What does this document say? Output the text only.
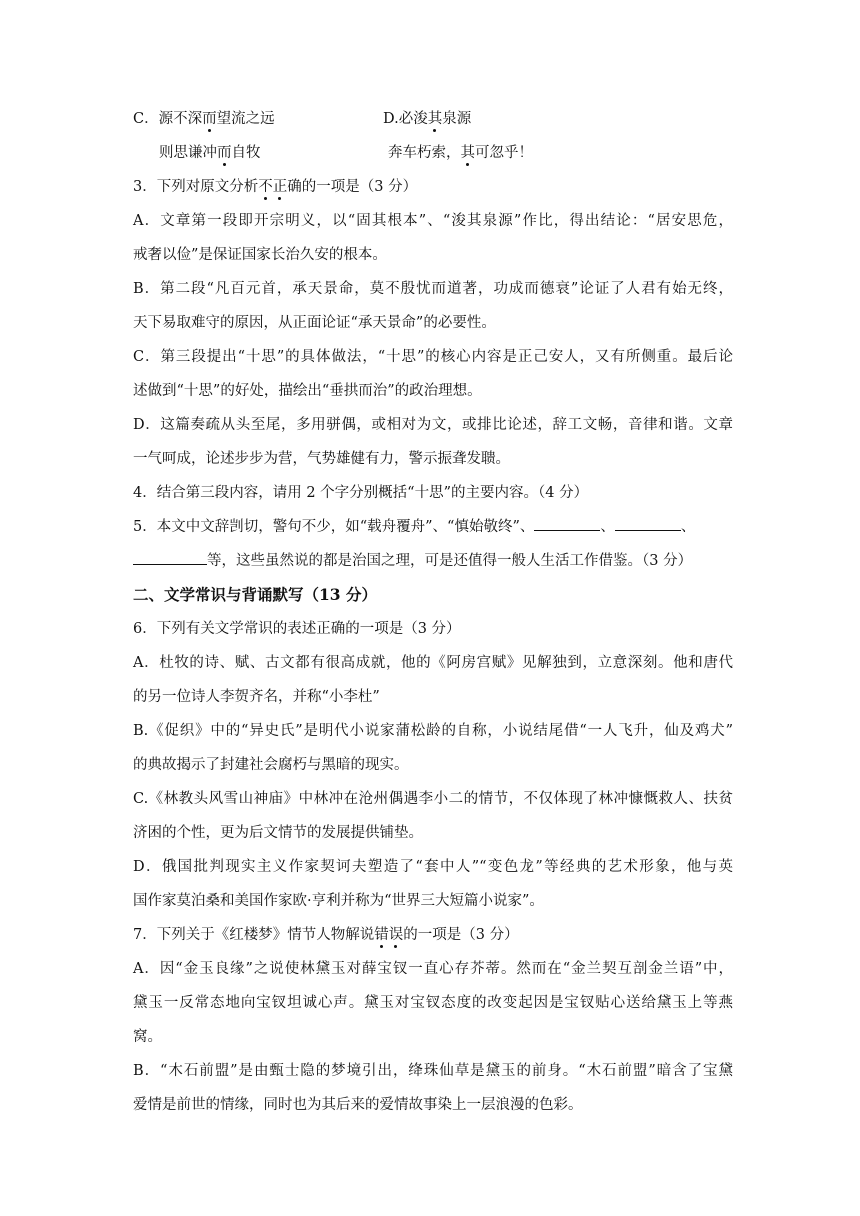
C．源不深而望流之远	D.必浚其泉源
则思谦冲而自牧	奔车朽索，其可忽乎！
3．下列对原文分析不正确的一项是（3 分）
A．文章第一段即开宗明义，以“固其根本”、“浚其泉源”作比，得出结论：“居安思危，
戒奢以俭”是保证国家长治久安的根本。
B．第二段“凡百元首，承天景命，莫不殷忧而道著，功成而德衰”论证了人君有始无终，
天下易取难守的原因，从正面论证“承天景命”的必要性。
C．第三段提出“十思”的具体做法，“十思”的核心内容是正己安人，又有所侧重。最后论
述做到“十思”的好处，描绘出“垂拱而治”的政治理想。
D．这篇奏疏从头至尾，多用骈偶，或相对为文，或排比论述，辞工文畅，音律和谐。文章
一气呵成，论述步步为营，气势雄健有力，警示振聋发聩。
4．结合第三段内容，请用 2 个字分别概括“十思”的主要内容。（4 分）
5．本文中文辞剀切，警句不少，如“载舟覆舟”、“慎始敬终”、	、	、
等，这些虽然说的都是治国之理，可是还值得一般人生活工作借鉴。（3 分）
二、文学常识与背诵默写（13 分）
6．下列有关文学常识的表述正确的一项是（3 分）
A．杜牧的诗、赋、古文都有很高成就，他的《阿房宫赋》见解独到，立意深刻。他和唐代
的另一位诗人李贺齐名，并称“小李杜”
B.《促织》中的“异史氏”是明代小说家蒲松龄的自称，小说结尾借“一人飞升，仙及鸡犬”
的典故揭示了封建社会腐朽与黑暗的现实。
C.《林教头风雪山神庙》中林冲在沧州偶遇李小二的情节，不仅体现了林冲慷慨救人、扶贫
济困的个性，更为后文情节的发展提供铺垫。
D．俄国批判现实主义作家契诃夫塑造了“套中人”“变色龙”等经典的艺术形象，他与英
国作家莫泊桑和美国作家欧·亨利并称为“世界三大短篇小说家”。
7．下列关于《红楼梦》情节人物解说错误的一项是（3 分）
A．因“金玉良缘”之说使林黛玉对薛宝钗一直心存芥蒂。然而在“金兰契互剖金兰语”中，
黛玉一反常态地向宝钗坦诚心声。黛玉对宝钗态度的改变起因是宝钗贴心送给黛玉上等燕
窝。
B．“木石前盟”是由甄士隐的梦境引出，绛珠仙草是黛玉的前身。“木石前盟”暗含了宝黛
爱情是前世的情缘，同时也为其后来的爱情故事染上一层浪漫的色彩。
